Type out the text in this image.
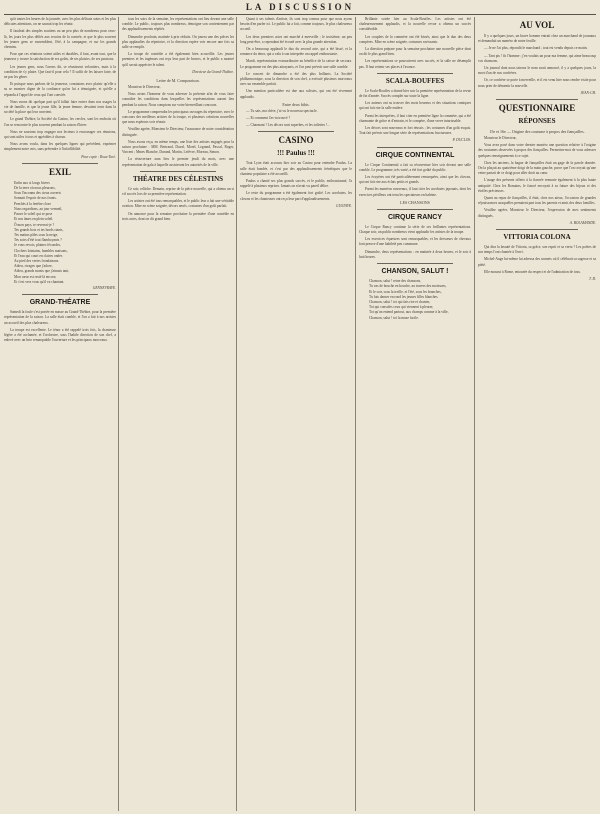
LA DISCUSSION

qu'à toutes les heures de la journée, avec les plus délicats soins et les plus délicates attentions, on ne saurait trop les réunir.

Il faudrait des simples soutiens ou un peu plus de nombreux pour ceux-là, les jours les plus défiés aux recoins de la contrée, et que le plus souvent les jeunes gens se rassemblent, l'été, à la campagne, et sur les grands chemins.

Pour que ces réunions soient utiles et durables, il faut, avant tout, que la jeunesse y trouve la satisfaction de ses goûts, de ses plaisirs, de ses passions.

Les jeunes gens, nous l'avons dit, se réunissent volontiers, mais à la condition de s'y plaire. Que faut-il pour cela ? Il suffit de les laisser faire, de ne pas les gêner.

Et puisque nous parlons de la jeunesse, constatons avec plaisir qu'elle a su se montrer digne de la confiance qu'on lui a témoignée, et qu'elle a répondu à l'appel de ceux qui l'ont conviée.

Nous avons dit quelque part qu'il fallait faire entrer dans nos usages la vie de famille, et que la jeune fille, la jeune femme, devaient tenir dans la société la place qui leur convient.

Le grand Théâtre, la Société du Casino, les cercles, sont les endroits où l'on se rencontre le plus souvent pendant la saison d'hiver.

Nous ne saurions trop engager nos lecteurs à encourager ces réunions, qui sont utiles à tous et agréables à chacun.

Nous avons voulu, dans les quelques lignes qui précèdent, exprimer simplement notre avis, sans prétendre à l'infaillibilité.

Pour copie : Roux-Taré.

EXIL

Enfin aux si longs hivers

De la terre où nous pleurons,

Sous l'inconnu des cieux ouverts

Sonnait l'espoir de nos fronts.

Penchés à la fenêtre close

Nous regardions, au jour vermeil,

Passer le soleil qui se pose

Et nos âmes en plein soleil.

Ô mon pays, te reverrai-je ?

Tes grands bois et tes bords riants,

Tes matins pâles sous la neige,

Tes soirs d'été tout flamboyants ?

Je vous revois, plaines fécondes,

Clochers lointains, humbles maisons,

Et l'eau qui court en claires ondes

Au pied des vertes frondaisons.

Adieu, rivages que j'adore,

Adieu, grands monts que j'aimais tant,

Mon cœur est resté là encore,

Et c'est vers vous qu'il va chantant.

GENNEVRAYE.

GRAND-THÉATRE

Samedi la foule s'est portée en masse au Grand-Théâtre, pour la première représentation de la saison. La salle était comble, et l'on a fait à nos artistes un accueil des plus chaleureux.

La troupe est excellente. Le ténor a été rappelé trois fois, la chanteuse légère a été acclamée, et l'orchestre, sous l'habile direction de son chef, a enlevé avec un brio remarquable l'ouverture et les principaux morceaux.

tous les soirs de la semaine, les représentations ont lieu devant une salle comble. Le public, toujours plus nombreux, témoigne son contentement par des applaudissements répétés.

Dimanche prochain, matinée à prix réduits. On jouera une des pièces les plus applaudies du répertoire, et la direction espère voir encore une fois sa salle se remplir.

La troupe de comédie a été également bien accueillie. Les jeunes premiers et les ingénues ont reçu leur part de bravos, et le public a montré qu'il savait apprécier le talent.

Directeur du Grand-Théâtre.

Lettre de M. Comparaison.

Monsieur le Directeur,

Nous avons l'honneur de vous adresser la présente afin de vous faire connaître les conditions dans lesquelles les représentations auront lieu pendant la saison. Nous comptons sur votre bienveillant concours.

Le programme comprendra les principaux ouvrages du répertoire, avec le concours des meilleurs artistes de la troupe, et plusieurs créations nouvelles que nous espérons voir réussir.

Veuillez agréer, Monsieur le Directeur, l'assurance de notre considération distinguée.

Nous avons reçu, en même temps, une liste des artistes engagés pour la saison prochaine : MM. Bertrand, Duval, Morel, Legrand, Pascal, Roger, Vincent ; Mmes Blanche, Durand, Martin, Lefèvre, Moreau, Simon.

La réouverture aura lieu le premier jeudi du mois, avec une représentation de gala à laquelle assisteront les autorités de la ville.

THÉATRE DES CÉLESTINS

Ce soir, relâche. Demain, reprise de la pièce nouvelle, qui a obtenu un si vif succès lors de sa première représentation.

Les artistes ont été tous remarquables, et le public leur a fait une véritable ovation. Mise en scène soignée, décors neufs, costumes d'un goût parfait.

On annonce pour la semaine prochaine la première d'une comédie en trois actes, dont on dit grand bien.

Quant à ses talents d'artiste, ils sont trop connus pour que nous ayons besoin d'en parler ici. Le public lui a fait, comme toujours, le plus chaleureux accueil.

Les deux premiers actes ont marché à merveille ; le troisième, un peu long peut-être, a cependant été écouté avec la plus grande attention.

On a beaucoup applaudi le duo du second acte, qui a été bissé, et la romance du ténor, qui a valu à son interprète un rappel enthousiaste.

Mardi, représentation extraordinaire au bénéfice de la caisse de secours. Le programme est des plus attrayants, et l'on peut prévoir une salle comble.

Le concert de dimanche a été des plus brillants. La Société philharmonique, sous la direction de son chef, a exécuté plusieurs morceaux avec un ensemble parfait.

Une mention particulière est due aux solistes, qui ont été vivement applaudis.

Entre deux bibis.

— Tu sais, ma chère, j'ai vu le nouveau spectacle.

— Et comment l'as-tu trouvé ?

— Charmant ! Les décors sont superbes, et les toilettes !...

CASINO
!!! Paulus !!!

Tout Lyon était accouru hier soir au Casino pour entendre Paulus. La salle était bondée, et c'est par des applaudissements frénétiques que le chanteur populaire a été accueilli.

Paulus a chanté ses plus grands succès, et le public, enthousiasmé, l'a rappelé à plusieurs reprises. Jamais on n'avait vu pareil délire.

Le reste du programme a été également fort goûté. Les acrobates, les clowns et les chanteuses ont reçu leur part d'applaudissements.

GUSTAVE.

Brillante soirée hier au Scala-Bouffes. Les artistes ont été chaleureusement applaudis, et la nouvelle revue a obtenu un succès considérable.

Les couplets de la commère ont été bissés, ainsi que le duo des deux compères. Mise en scène soignée, costumes ravissants.

La direction prépare pour la semaine prochaine une nouvelle pièce dont on dit le plus grand bien.

Les représentations se poursuivent avec succès, et la salle ne désemplit pas. Il faut retenir ses places à l'avance.

SCALA-BOUFFES

Le Scala-Bouffes a donné hier soir la première représentation de la revue de fin d'année. Succès complet sur toute la ligne.

Les auteurs ont su trouver des mots heureux et des situations comiques qui ont fait rire la salle entière.

Parmi les interprètes, il faut citer en première ligne la commère, qui a été charmante de grâce et d'entrain, et le compère, d'une verve intarissable.

Les décors sont nouveaux et fort réussis ; les costumes d'un goût exquis. Tout fait prévoir une longue série de représentations fructueuses.

P. DUCLOS.

CIRQUE CONTINENTAL

Le Cirque Continental a fait sa réouverture hier soir devant une salle comble. Le programme, très varié, a été fort goûté du public.

Les écuyères ont été particulièrement remarquées, ainsi que les clowns, qui ont fait rire aux éclats petits et grands.

Parmi les numéros nouveaux, il faut citer les acrobates japonais, dont les exercices périlleux ont tenu les spectateurs en haleine.

LES CHANSONS
CIRQUE RANCY

Le Cirque Rancy continue la série de ses brillantes représentations. Chaque soir, un public nombreux vient applaudir les artistes de la troupe.

Les exercices équestres sont remarquables, et les dresseurs de chevaux font preuve d'une habileté peu commune.

Dimanche, deux représentations : en matinée à deux heures, et le soir à huit heures.

CHANSON, SALUT !

Chanson, salut ! reine des chansons,

Tu vas de bouche en bouche, au travers des moissons,

Et le soir, sous la treille, et l'été, sous les branches,

Tu fais danser en rond les jeunes filles blanches.

Chanson, salut ! toi qui fais rire et chanter,

Toi qui consoles ceux qui viennent à pleurer,

Toi qu'on entend partout, aux champs comme à la ville,

Chanson, salut ! toi la muse facile.

AU VOL

Il y a quelques jours, un brave homme entrait chez un marchand de journaux et demandait un numéro de notre feuille.

— Je ne l'ai plus, répondit le marchand ; tout est vendu depuis ce matin.

— Tant pis ! fit l'homme ; j'en voulais un pour ma femme, qui aime beaucoup vos chansons.

Un journal dont nous tairons le nom avait annoncé, il y a quelques jours, la mort d'un de nos confrères.

Or, ce confrère se porte à merveille, et il est venu hier nous rendre visite pour nous prier de démentir la nouvelle.

JEAN-CH.

QUESTIONNAIRE
RÉPONSES
15e et 16e — Origine des coutume à propos des fiançailles.

Monsieur le Directeur,

Vous avez posé dans votre dernier numéro une question relative à l'origine des coutumes observées à propos des fiançailles. Permettez-moi de vous adresser quelques renseignements à ce sujet.

Chez les anciens, la bague de fiançailles était un gage de la parole donnée. On la plaçait au quatrième doigt de la main gauche, parce que l'on croyait qu'une veine partait de ce doigt pour aller droit au cœur.

L'usage des présents offerts à la fiancée remonte également à la plus haute antiquité. Chez les Romains, le fiancé envoyait à sa future des bijoux et des étoffes précieuses.

Quant au repas de fiançailles, il était, chez nos aïeux, l'occasion de grandes réjouissances auxquelles prenaient part tous les parents et amis des deux familles.

Veuillez agréer, Monsieur le Directeur, l'expression de mes sentiments distingués.

A. BOLAMANDE.

VITTORIA COLONA

Qui dira la beauté de Vittoria, sa grâce, son esprit et sa vertu ? Les poètes de son temps l'ont chantée à l'envi.

Michel-Ange lui-même lui adressa des sonnets où il célébrait sa sagesse et sa piété.

Elle mourut à Rome, entourée du respect et de l'admiration de tous.

T. D.
